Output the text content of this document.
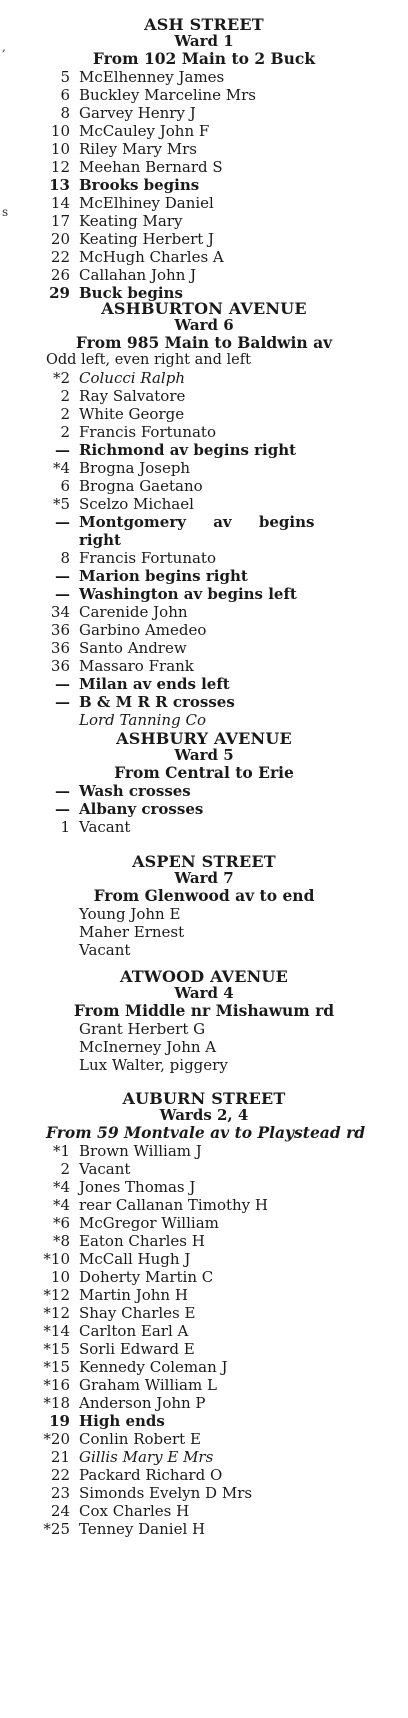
,
s
ASH STREET
Ward 1
From 102 Main to 2 Buck
5 McElhenney James
6 Buckley Marceline Mrs
8 Garvey Henry J
10 McCauley John F
10 Riley Mary Mrs
12 Meehan Bernard S
13 Brooks begins
14 McElhiney Daniel
17 Keating Mary
20 Keating Herbert J
22 McHugh Charles A
26 Callahan John J
29 Buck begins
ASHBURTON AVENUE
Ward 6
From 985 Main to Baldwin av
Odd left, even right and left
*2 Colucci Ralph
2 Ray Salvatore
2 White George
2 Francis Fortunato
— Richmond av begins right
*4 Brogna Joseph
6 Brogna Gaetano
*5 Scelzo Michael
— Montgomery av begins right
8 Francis Fortunato
— Marion begins right
— Washington av begins left
34 Carenide John
36 Garbino Amedeo
36 Santo Andrew
36 Massaro Frank
— Milan av ends left
— B & M R R crosses
Lord Tanning Co
ASHBURY AVENUE
Ward 5
From Central to Erie
— Wash crosses
— Albany crosses
1 Vacant
ASPEN STREET
Ward 7
From Glenwood av to end
Young John E
Maher Ernest
Vacant
ATWOOD AVENUE
Ward 4
From Middle nr Mishawum rd
Grant Herbert G
McInerney John A
Lux Walter, piggery
AUBURN STREET
Wards 2, 4
From 59 Montvale av to Playstead rd
*1 Brown William J
2 Vacant
*4 Jones Thomas J
*4 rear Callanan Timothy H
*6 McGregor William
*8 Eaton Charles H
*10 McCall Hugh J
10 Doherty Martin C
*12 Martin John H
*12 Shay Charles E
*14 Carlton Earl A
*15 Sorli Edward E
*15 Kennedy Coleman J
*16 Graham William L
*18 Anderson John P
19 High ends
*20 Conlin Robert E
21 Gillis Mary E Mrs
22 Packard Richard O
23 Simonds Evelyn D Mrs
24 Cox Charles H
*25 Tenney Daniel H
